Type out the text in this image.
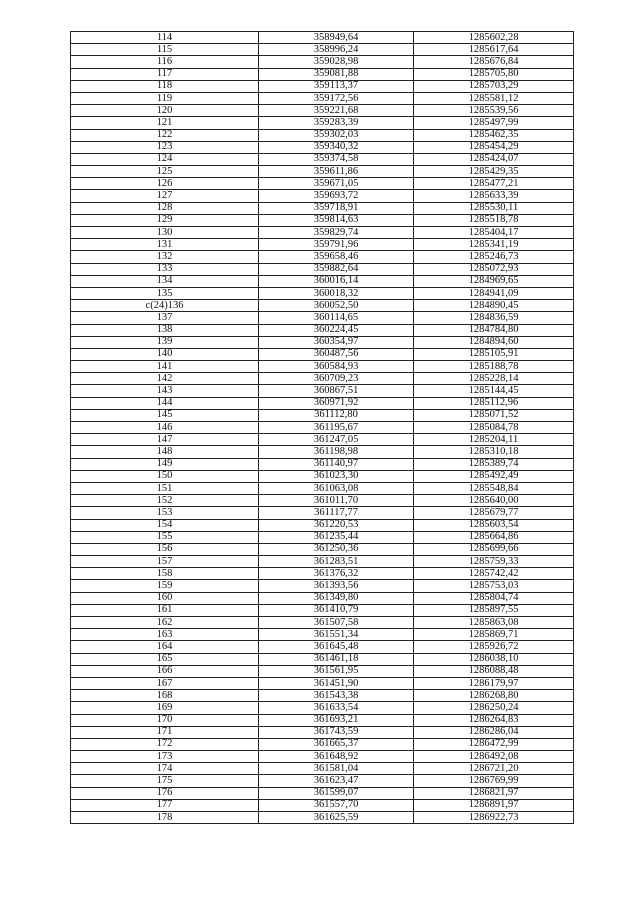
114	358949,64	1285602,28
115	358996,24	1285617,64
116	359028,98	1285676,84
117	359081,88	1285705,80
118	359113,37	1285703,29
119	359172,56	1285581,12
120	359221,68	1285539,56
121	359283,39	1285497,99
122	359302,03	1285462,35
123	359340,32	1285454,29
124	359374,58	1285424,07
125	359611,86	1285429,35
126	359671,05	1285477,21
127	359693,72	1285633,39
128	359718,91	1285530,11
129	359814,63	1285518,78
130	359829,74	1285404,17
131	359791,96	1285341,19
132	359658,46	1285246,73
133	359882,64	1285072,93
134	360016,14	1284969,65
135	360018,32	1284941,09
с(24)136	360052,50	1284890,45
137	360114,65	1284836,59
138	360224,45	1284784,80
139	360354,97	1284894,60
140	360487,56	1285105,91
141	360584,93	1285188,78
142	360709,23	1285228,14
143	360867,51	1285144,45
144	360971,92	1285112,96
145	361112,80	1285071,52
146	361195,67	1285084,78
147	361247,05	1285204,11
148	361198,98	1285310,18
149	361140,97	1285389,74
150	361023,30	1285492,49
151	361063,08	1285548,84
152	361011,70	1285640,00
153	361117,77	1285679,77
154	361220,53	1285603,54
155	361235,44	1285664,86
156	361250,36	1285699,66
157	361283,51	1285759,33
158	361376,32	1285742,42
159	361393,56	1285753,03
160	361349,80	1285804,74
161	361410,79	1285897,55
162	361507,58	1285863,08
163	361551,34	1285869,71
164	361645,48	1285926,72
165	361461,18	1286038,10
166	361561,95	1286088,48
167	361451,90	1286179,97
168	361543,38	1286268,80
169	361633,54	1286250,24
170	361693,21	1286264,83
171	361743,59	1286286,04
172	361665,37	1286472,99
173	361648,92	1286492,08
174	361581,04	1286721,20
175	361623,47	1286769,99
176	361599,07	1286821,97
177	361557,70	1286891,97
178	361625,59	1286922,73
